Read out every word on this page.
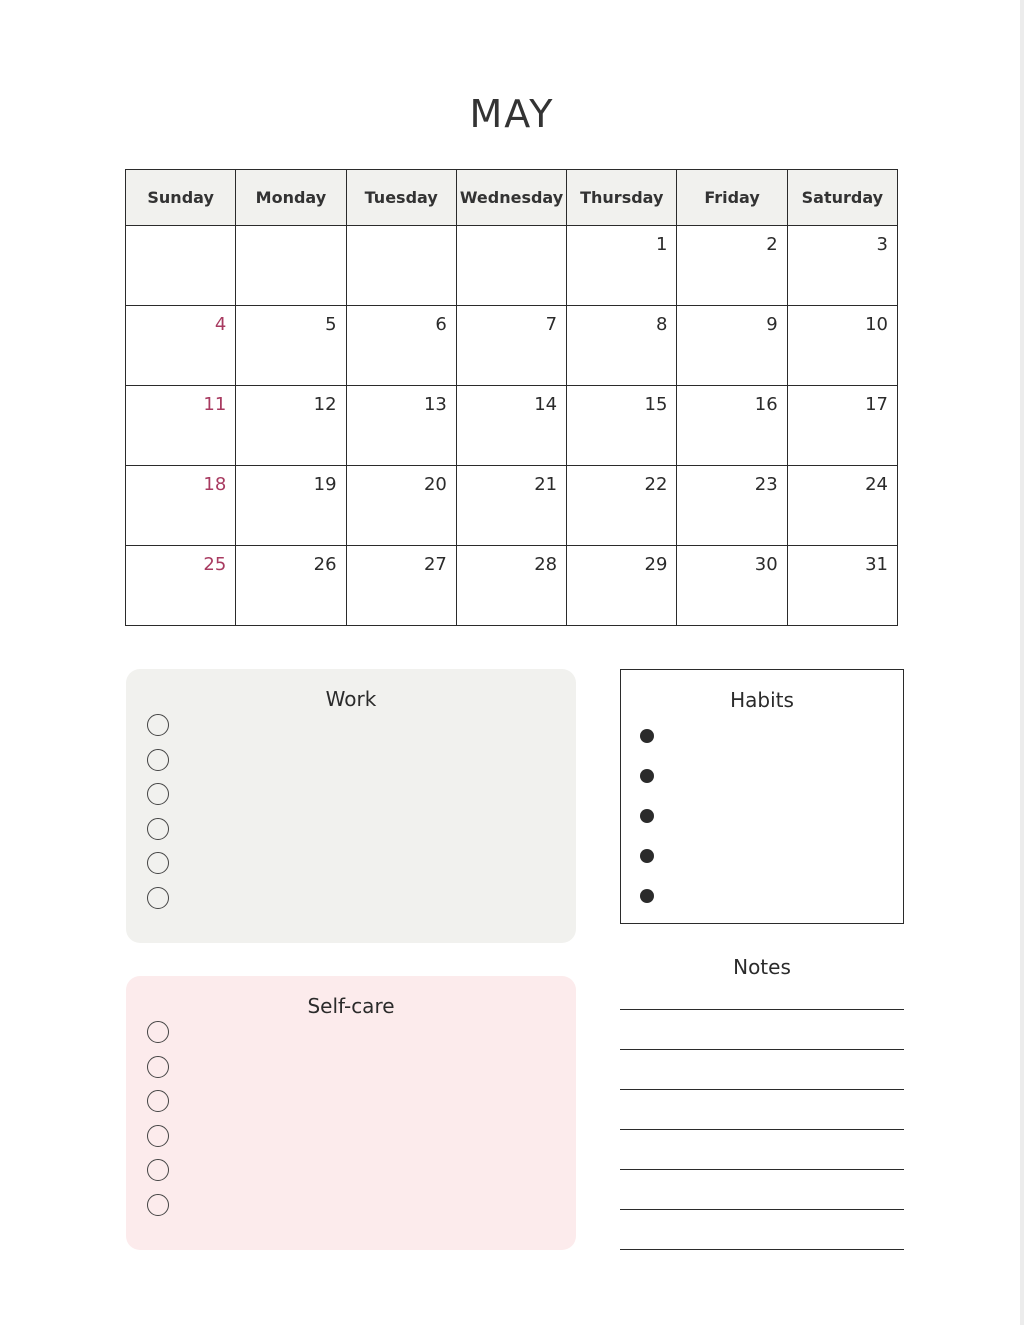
MAY
Sunday	Monday	Tuesday	Wednesday	Thursday	Friday	Saturday

				1	2	3

4	5	6	7	8	9	10

11	12	13	14	15	16	17

18	19	20	21	22	23	24

25	26	27	28	29	30	31
Work
Self-care
Habits
Notes
